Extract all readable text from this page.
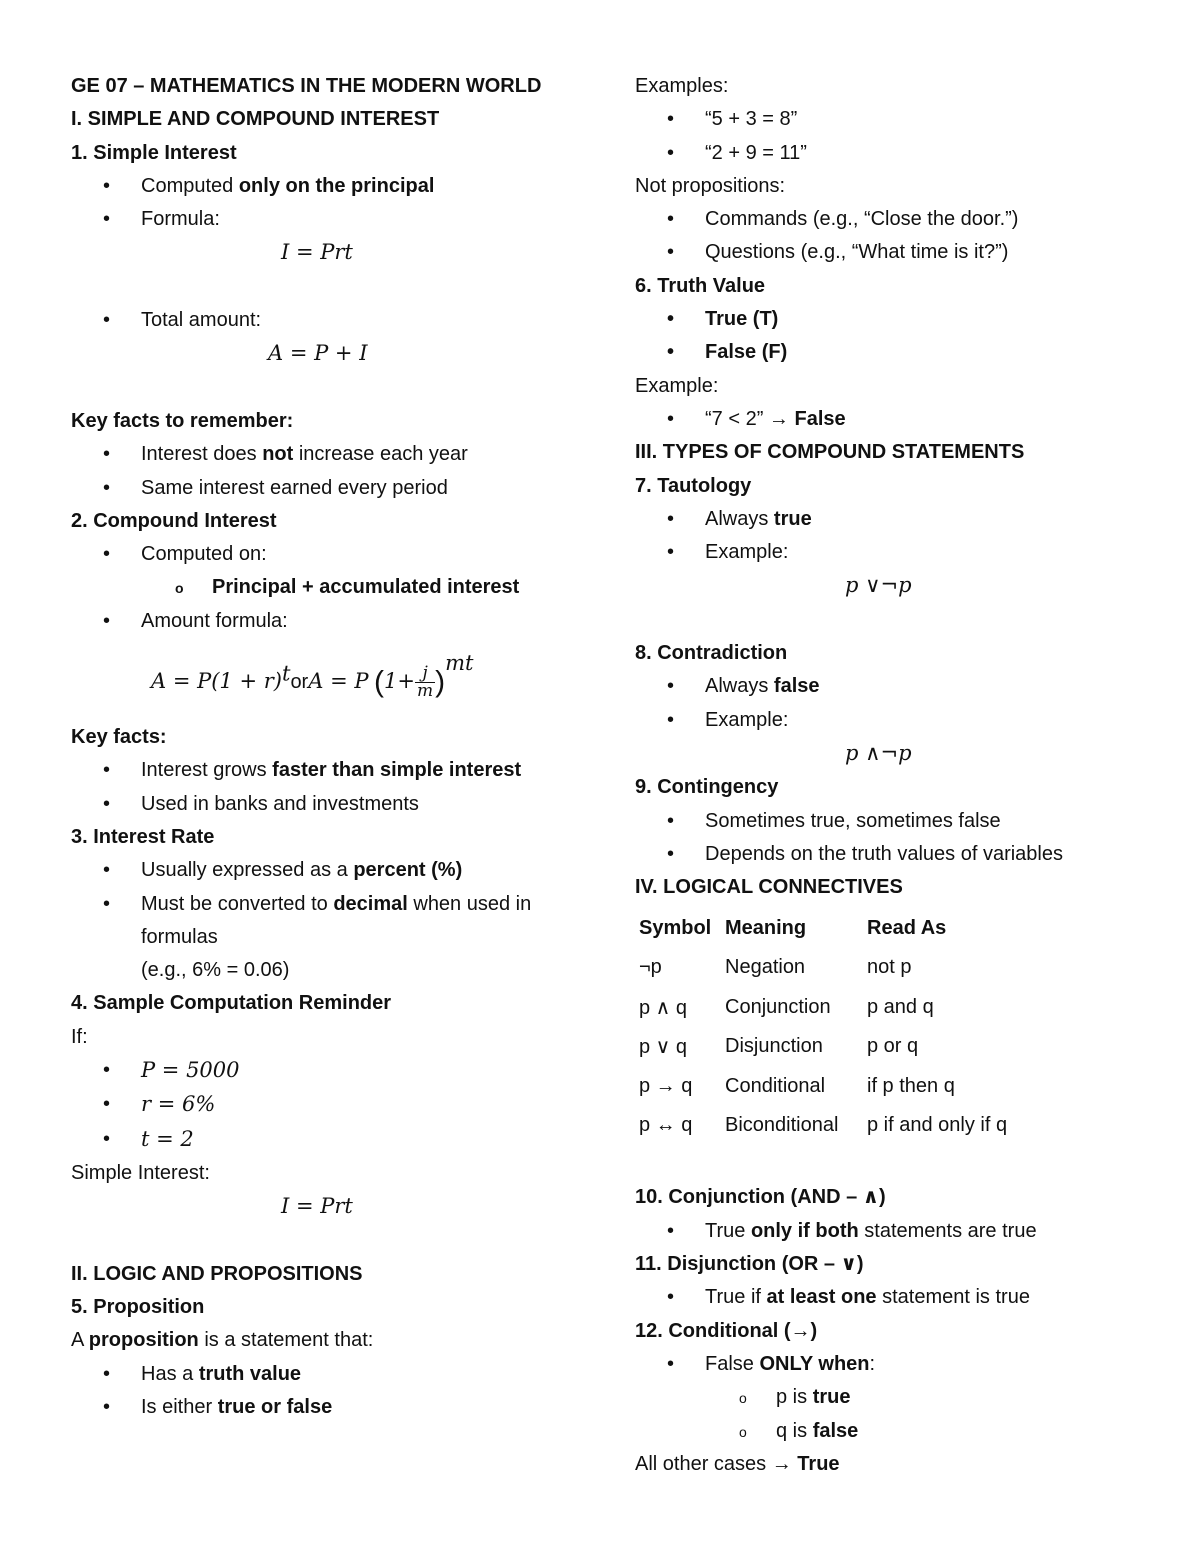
GE 07 – MATHEMATICS IN THE MODERN WORLD
I. SIMPLE AND COMPOUND INTEREST
1. Simple Interest
• Computed only on the principal
• Formula:
I = Prt
• Total amount:
A = P + I
Key facts to remember:
• Interest does not increase each year
• Same interest earned every period
2. Compound Interest
• Computed on:
o Principal + accumulated interest
• Amount formula:
$A = P(1 + r)^torA = P$ $(1+ \frac{j}{m} )^{mt}$
Key facts:
• Interest grows faster than simple interest
• Used in banks and investments
3. Interest Rate
• Usually expressed as a percent (%)
• Must be converted to decimal when used in formulas
(e.g., 6% = 0.06)
4. Sample Computation Reminder
If:
• P = 5000
• r = 6%
• t = 2
Simple Interest:
I = Prt
II. LOGIC AND PROPOSITIONS
5. Proposition
A proposition is a statement that:
• Has a truth value
• Is either true or false
Examples:
• “5 + 3 = 8”
• “2 + 9 = 11”
Not propositions:
• Commands (e.g., “Close the door.”)
• Questions (e.g., “What time is it?”)
6. Truth Value
• True (T)
• False (F)
Example:
• “7 < 2” → False
III. TYPES OF COMPOUND STATEMENTS
7. Tautology
• Always true
• Example:
p ∨¬p
8. Contradiction
• Always false
• Example:
p ∧¬p
9. Contingency
• Sometimes true, sometimes false
• Depends on the truth values of variables
IV. LOGICAL CONNECTIVES
Symbol	Meaning	Read As
¬p	Negation	not p
p ∧ q	Conjunction	p and q
p ∨ q	Disjunction	p or q
p → q	Conditional	if p then q
p ↔ q	Biconditional	p if and only if q
10. Conjunction (AND – ∧)
• True only if both statements are true
11. Disjunction (OR – ∨)
• True if at least one statement is true
12. Conditional (→)
• False ONLY when:
o p is true
o q is false
All other cases → True
